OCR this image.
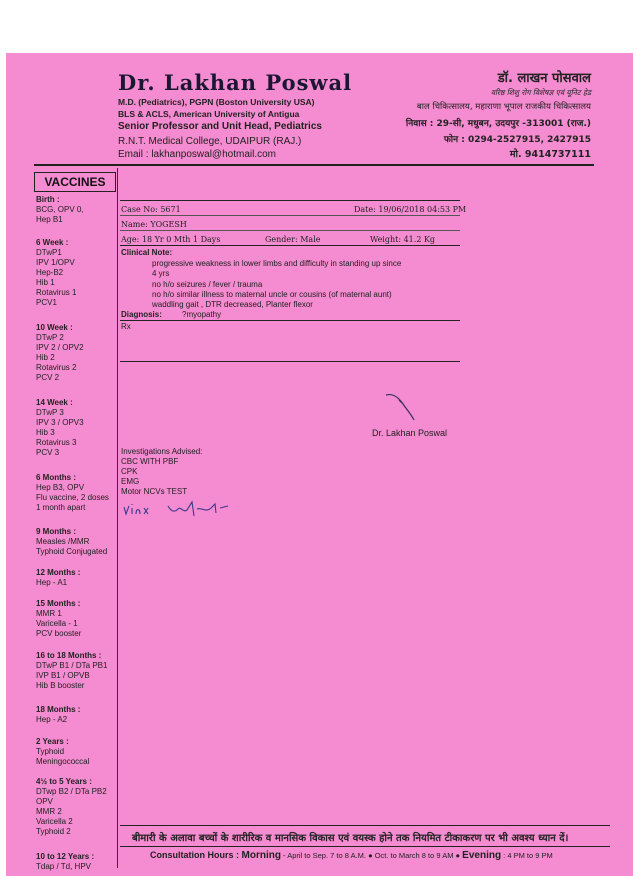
Dr. Lakhan Poswal
M.D. (Pediatrics), PGPN (Boston University USA)
BLS & ACLS, American University of Antigua
Senior Professor and Unit Head, Pediatrics
R.N.T. Medical College, UDAIPUR (RAJ.)
Email : lakhanposwal@hotmail.com
डॉ. लाखन पोसवाल
वरिष्ठ शिशु रोग विशेषज्ञ एवं यूनिट हेड
बाल चिकित्सालय, महाराणा भूपाल राजकीय चिकित्सालय
निवास : 29-सी, मधुबन, उदयपुर -313001 (राज.)
फोन : 0294-2527915, 2427915
मो. 9414737111
VACCINES
Birth :
BCG, OPV 0,
Hep B1
6 Week :
DTwP1
IPV 1/OPV
Hep-B2
Hib 1
Rotavirus 1
PCV1
10 Week :
DTwP 2
IPV 2 / OPV2
Hib 2
Rotavirus 2
PCV 2
14 Week :
DTwP 3
IPV 3 / OPV3
Hib 3
Rotavirus 3
PCV 3
6 Months :
Hep B3, OPV
Flu vaccine, 2 doses
1 month apart
9 Months :
Measles /MMR
Typhoid Conjugated
12 Months :
Hep - A1
15 Months :
MMR 1
Varicella - 1
PCV booster
16 to 18 Months :
DTwP B1 / DTa PB1
IVP B1 / OPVB
Hib B booster
18 Months :
Hep - A2
2 Years :
Typhoid
Meningococcal
4½ to 5 Years :
DTwp B2 / DTa PB2
OPV
MMR 2
Varicella 2
Typhoid 2
10 to 12 Years :
Tdap / Td, HPV
Case No: 5671	Date: 19/06/2018 04:53 PM
Name: YOGESH
Age: 18 Yr 0 Mth 1 Days	Gender: Male	Weight: 41.2 Kg
Clinical Note:
progressive weakness in lower limbs and difficulty in standing up since
4 yrs
no h/o seizures / fever / trauma
no h/o similar illness to maternal uncle or cousins (of maternal aunt)
waddling gait , DTR decreased, Planter flexor
Diagnosis:	?myopathy
Rx
Dr. Lakhan Poswal
Investigations Advised:
CBC WITH PBF
CPK
EMG
Motor NCVs TEST
बीमारी के अलावा बच्चों के शारीरिक व मानसिक विकास एवं वयस्क होने तक नियमित टीकाकरण पर भी अवश्य ध्यान दें।
Consultation Hours : Morning - April to Sep. 7 to 8 A.M. ● Oct. to March 8 to 9 AM ● Evening : 4 PM to 9 PM
